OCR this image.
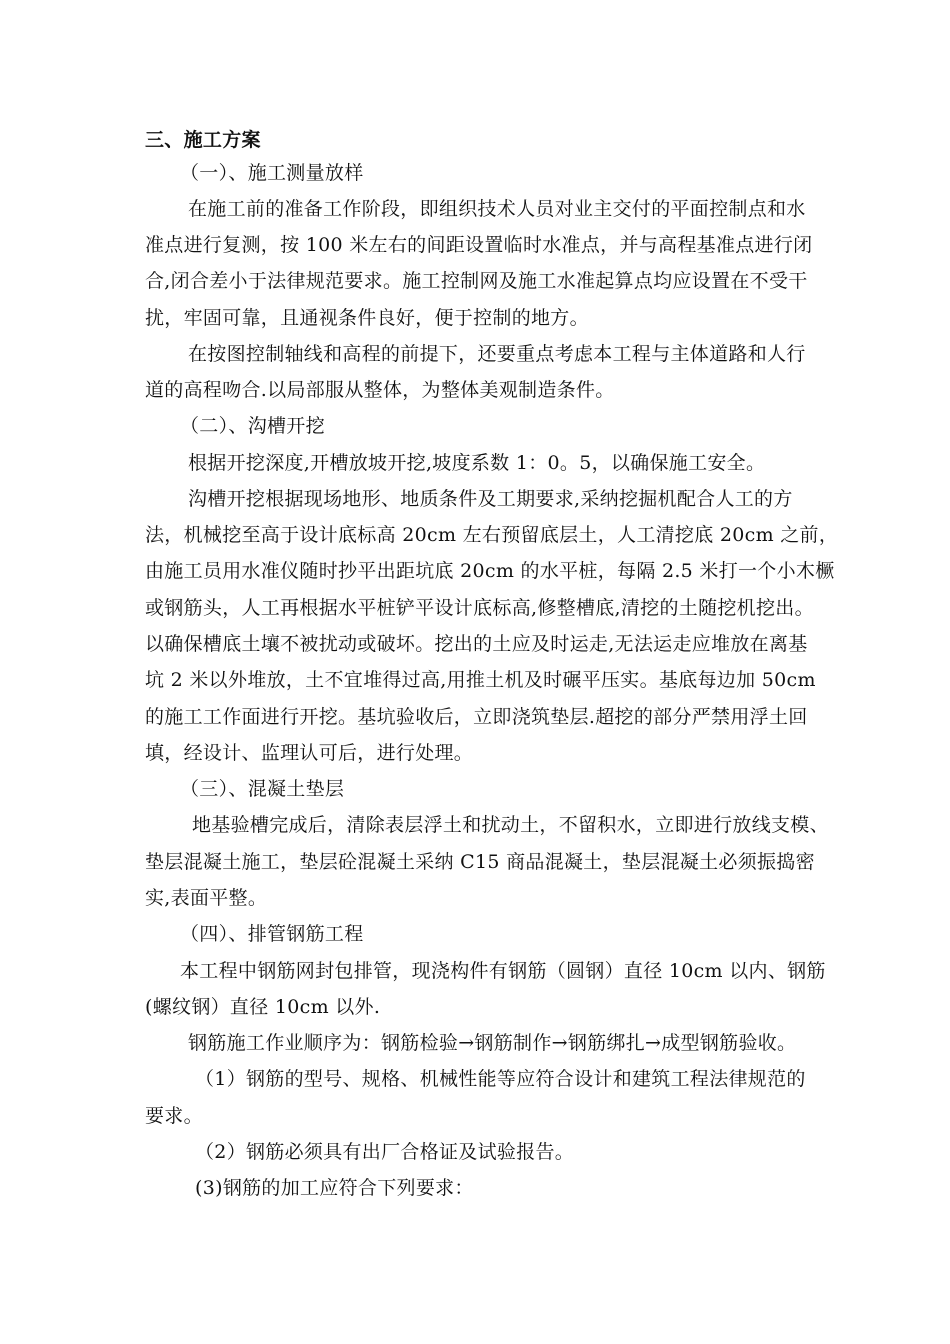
三、施工方案
（一）、施工测量放样
在施工前的准备工作阶段，即组织技术人员对业主交付的平面控制点和水
准点进行复测，按 100 米左右的间距设置临时水准点，并与高程基准点进行闭
合,闭合差小于法律规范要求。施工控制网及施工水准起算点均应设置在不受干
扰，牢固可靠，且通视条件良好，便于控制的地方。
在按图控制轴线和高程的前提下，还要重点考虑本工程与主体道路和人行
道的高程吻合.以局部服从整体，为整体美观制造条件。
（二）、沟槽开挖
根据开挖深度,开槽放坡开挖,坡度系数 1：0。5，以确保施工安全。
沟槽开挖根据现场地形、地质条件及工期要求,采纳挖掘机配合人工的方
法，机械挖至高于设计底标高 20cm 左右预留底层土，人工清挖底 20cm 之前，
由施工员用水准仪随时抄平出距坑底 20cm 的水平桩，每隔 2.5 米打一个小木橛
或钢筋头，人工再根据水平桩铲平设计底标高,修整槽底,清挖的土随挖机挖出。
以确保槽底土壤不被扰动或破坏。挖出的土应及时运走,无法运走应堆放在离基
坑 2 米以外堆放，土不宜堆得过高,用推土机及时碾平压实。基底每边加 50cm
的施工工作面进行开挖。基坑验收后，立即浇筑垫层.超挖的部分严禁用浮土回
填，经设计、监理认可后，进行处理。
（三）、混凝土垫层
地基验槽完成后，清除表层浮土和扰动土，不留积水，立即进行放线支模、
垫层混凝土施工，垫层砼混凝土采纳 C15 商品混凝土，垫层混凝土必须振捣密
实,表面平整。
（四）、排管钢筋工程
本工程中钢筋网封包排管，现浇构件有钢筋（圆钢）直径 10cm 以内、钢筋
(螺纹钢）直径 10cm 以外.
钢筋施工作业顺序为：钢筋检验→钢筋制作→钢筋绑扎→成型钢筋验收。
（1）钢筋的型号、规格、机械性能等应符合设计和建筑工程法律规范的
要求。
（2）钢筋必须具有出厂合格证及试验报告。
(3)钢筋的加工应符合下列要求：
